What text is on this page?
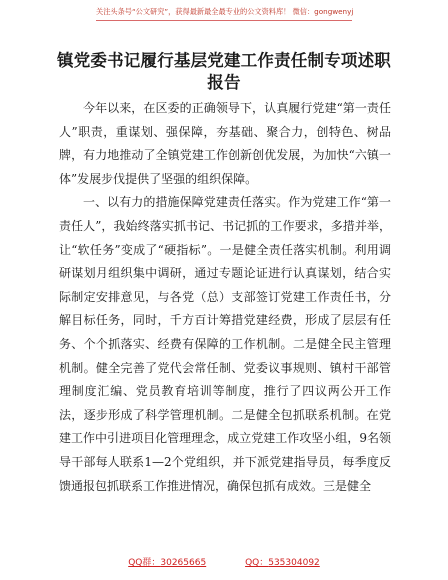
关注头条号“公文研究”，获得最新最全最专业的公文资料库！ 微信：gongwenyj
镇党委书记履行基层党建工作责任制专项述职
报告

今年以来，在区委的正确领导下，认真履行党建“第一责任人”职责，重谋划、强保障，夯基础、聚合力，创特色、树品牌，有力地推动了全镇党建工作创新创优发展，为加快“六镇一体”发展步伐提供了坚强的组织保障。

一、以有力的措施保障党建责任落实。作为党建工作“第一责任人”，我始终落实抓书记、书记抓的工作要求，多措并举，让“软任务”变成了“硬指标”。一是健全责任落实机制。利用调研谋划月组织集中调研，通过专题论证进行认真谋划，结合实际制定安排意见，与各党（总）支部签订党建工作责任书，分解目标任务，同时，千方百计筹措党建经费，形成了层层有任务、个个抓落实、经费有保障的工作机制。二是健全民主管理机制。健全完善了党代会常任制、党委议事规则、镇村干部管理制度汇编、党员教育培训等制度，推行了四议两公开工作法，逐步形成了科学管理机制。二是健全包抓联系机制。在党建工作中引进项目化管理理念，成立党建工作攻坚小组，9名领导干部每人联系1—2个党组织，并下派党建指导员，每季度反馈通报包抓联系工作推进情况，确保包抓有成效。三是健全

QQ群：30265665	QQ：535304092
